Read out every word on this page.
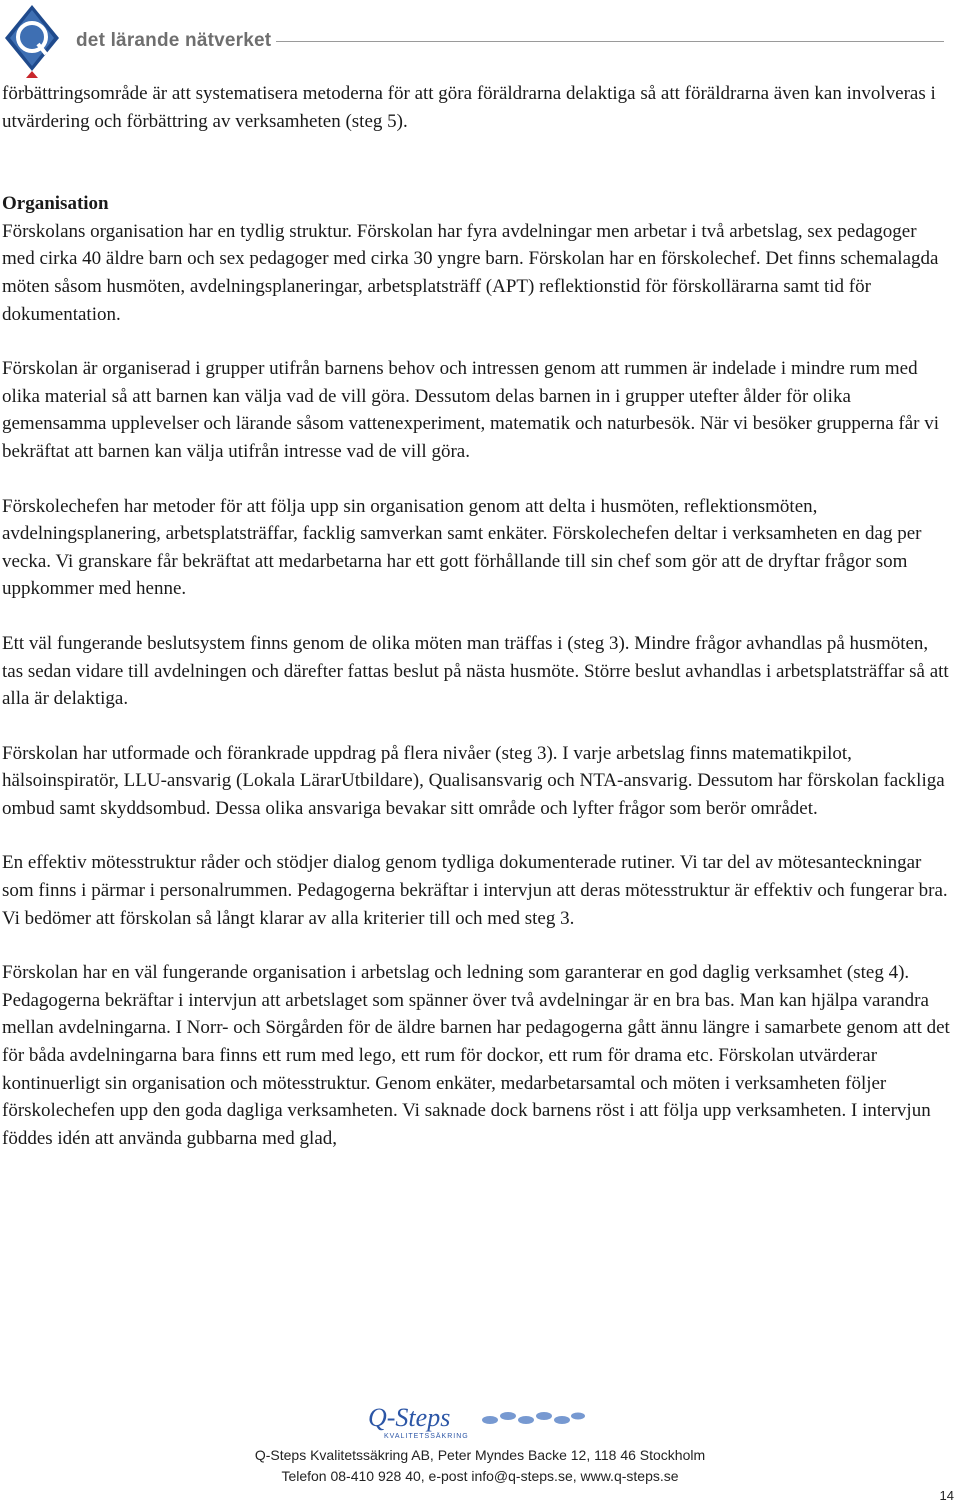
det lärande nätverket

förbättringsområde är att systematisera metoderna för att göra föräldrarna delaktiga så att föräldrarna även kan involveras i utvärdering och förbättring av verksamheten (steg 5).

Organisation

Förskolans organisation har en tydlig struktur. Förskolan har fyra avdelningar men arbetar i två arbetslag, sex pedagoger med cirka 40 äldre barn och sex pedagoger med cirka 30 yngre barn. Förskolan har en förskolechef. Det finns schemalagda möten såsom husmöten, avdelningsplaneringar, arbetsplatsträff (APT) reflektionstid för förskollärarna samt tid för dokumentation.

Förskolan är organiserad i grupper utifrån barnens behov och intressen genom att rummen är indelade i mindre rum med olika material så att barnen kan välja vad de vill göra. Dessutom delas barnen in i grupper utefter ålder för olika gemensamma upplevelser och lärande såsom vattenexperiment, matematik och naturbesök. När vi besöker grupperna får vi bekräftat att barnen kan välja utifrån intresse vad de vill göra.

Förskolechefen har metoder för att följa upp sin organisation genom att delta i husmöten, reflektionsmöten, avdelningsplanering, arbetsplatsträffar, facklig samverkan samt enkäter. Förskolechefen deltar i verksamheten en dag per vecka. Vi granskare får bekräftat att medarbetarna har ett gott förhållande till sin chef som gör att de dryftar frågor som uppkommer med henne.

Ett väl fungerande beslutsystem finns genom de olika möten man träffas i (steg 3). Mindre frågor avhandlas på husmöten, tas sedan vidare till avdelningen och därefter fattas beslut på nästa husmöte. Större beslut avhandlas i arbetsplatsträffar så att alla är delaktiga.

Förskolan har utformade och förankrade uppdrag på flera nivåer (steg 3). I varje arbetslag finns matematikpilot, hälsoinspiratör, LLU-ansvarig (Lokala LärarUtbildare), Qualisansvarig och NTA-ansvarig. Dessutom har förskolan fackliga ombud samt skyddsombud. Dessa olika ansvariga bevakar sitt område och lyfter frågor som berör området.

En effektiv mötesstruktur råder och stödjer dialog genom tydliga dokumenterade rutiner. Vi tar del av mötesanteckningar som finns i pärmar i personalrummen. Pedagogerna bekräftar i intervjun att deras mötesstruktur är effektiv och fungerar bra. Vi bedömer att förskolan så långt klarar av alla kriterier till och med steg 3.

Förskolan har en väl fungerande organisation i arbetslag och ledning som garanterar en god daglig verksamhet (steg 4). Pedagogerna bekräftar i intervjun att arbetslaget som spänner över två avdelningar är en bra bas. Man kan hjälpa varandra mellan avdelningarna. I Norr- och Sörgården för de äldre barnen har pedagogerna gått ännu längre i samarbete genom att det för båda avdelningarna bara finns ett rum med lego, ett rum för dockor, ett rum för drama etc. Förskolan utvärderar kontinuerligt sin organisation och mötesstruktur. Genom enkäter, medarbetarsamtal och möten i verksamheten följer förskolechefen upp den goda dagliga verksamheten. Vi saknade dock barnens röst i att följa upp verksamheten. I intervjun föddes idén att använda gubbarna med glad,

Q-Steps
KVALITETSSÄKRING
Q-Steps Kvalitetssäkring AB, Peter Myndes Backe 12, 118 46 Stockholm
Telefon 08-410 928 40, e-post info@q-steps.se, www.q-steps.se
14
